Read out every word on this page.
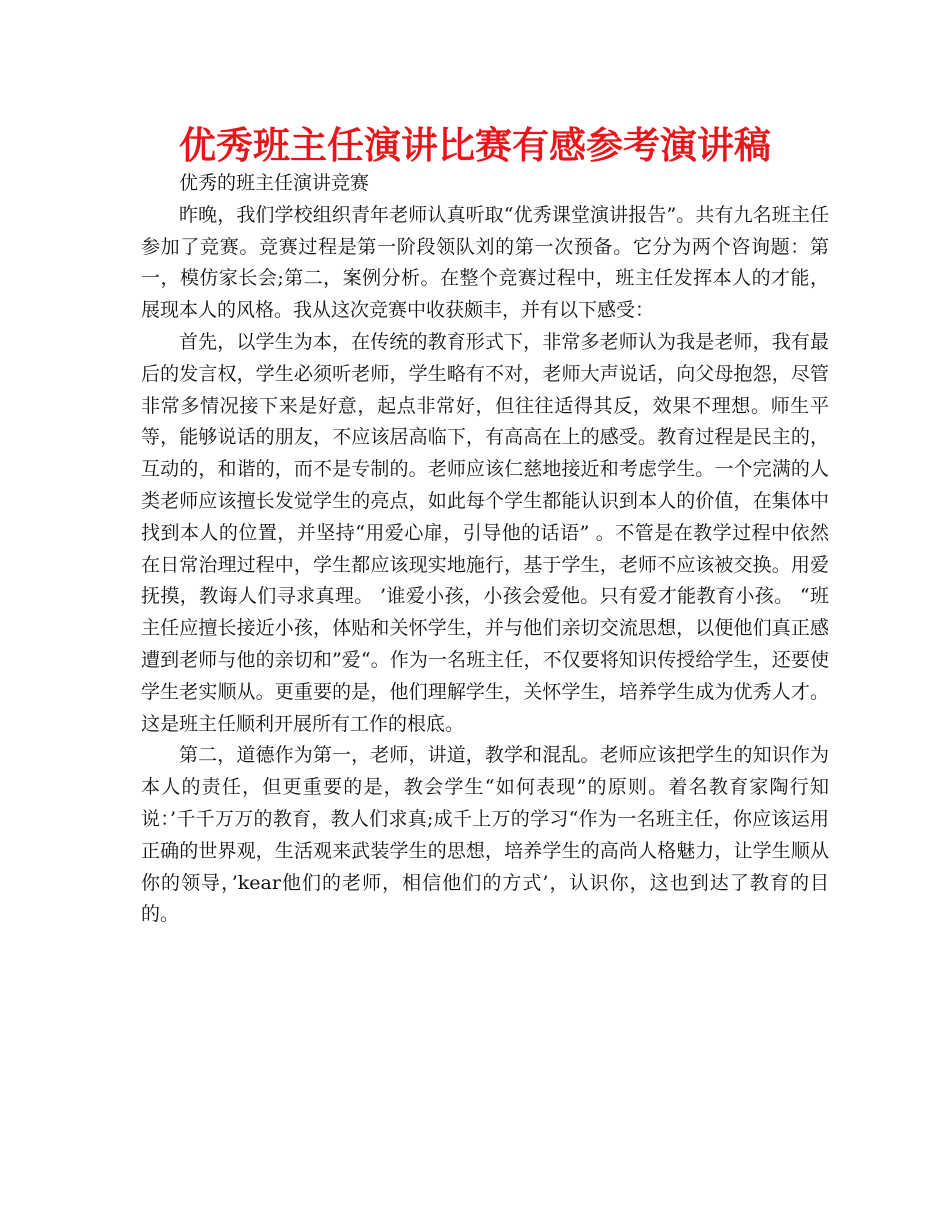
优秀班主任演讲比赛有感参考演讲稿

优秀的班主任演讲竞赛

昨晚，我们学校组织青年老师认真听取“优秀课堂演讲报告”。共有九名班主任参加了竞赛。竞赛过程是第一阶段领队刘的第一次预备。它分为两个咨询题：第一，模仿家长会;第二，案例分析。在整个竞赛过程中，班主任发挥本人的才能，展现本人的风格。我从这次竞赛中收获颇丰，并有以下感受：

首先，以学生为本，在传统的教育形式下，非常多老师认为我是老师，我有最后的发言权，学生必须听老师，学生略有不对，老师大声说话，向父母抱怨，尽管非常多情况接下来是好意，起点非常好，但往往适得其反，效果不理想。师生平等，能够说话的朋友，不应该居高临下，有高高在上的感受。教育过程是民主的，互动的，和谐的，而不是专制的。老师应该仁慈地接近和考虑学生。一个完满的人类老师应该擅长发觉学生的亮点，如此每个学生都能认识到本人的价值，在集体中找到本人的位置，并坚持“用爱心扉，引导他的话语” 。不管是在教学过程中依然在日常治理过程中，学生都应该现实地施行，基于学生，老师不应该被交换。用爱抚摸，教诲人们寻求真理。 ’谁爱小孩，小孩会爱他。只有爱才能教育小孩。 “班主任应擅长接近小孩，体贴和关怀学生，并与他们亲切交流思想，以便他们真正感遭到老师与他的亲切和”爱“。作为一名班主任，不仅要将知识传授给学生，还要使学生老实顺从。更重要的是，他们理解学生，关怀学生，培养学生成为优秀人才。这是班主任顺利开展所有工作的根底。

第二，道德作为第一，老师，讲道，教学和混乱。老师应该把学生的知识作为本人的责任，但更重要的是，教会学生“如何表现”的原则。着名教育家陶行知说：’千千万万的教育，教人们求真;成千上万的学习“作为一名班主任，你应该运用正确的世界观，生活观来武装学生的思想，培养学生的高尚人格魅力，让学生顺从你的领导，’kear他们的老师，相信他们的方式’，认识你，这也到达了教育的目的。
